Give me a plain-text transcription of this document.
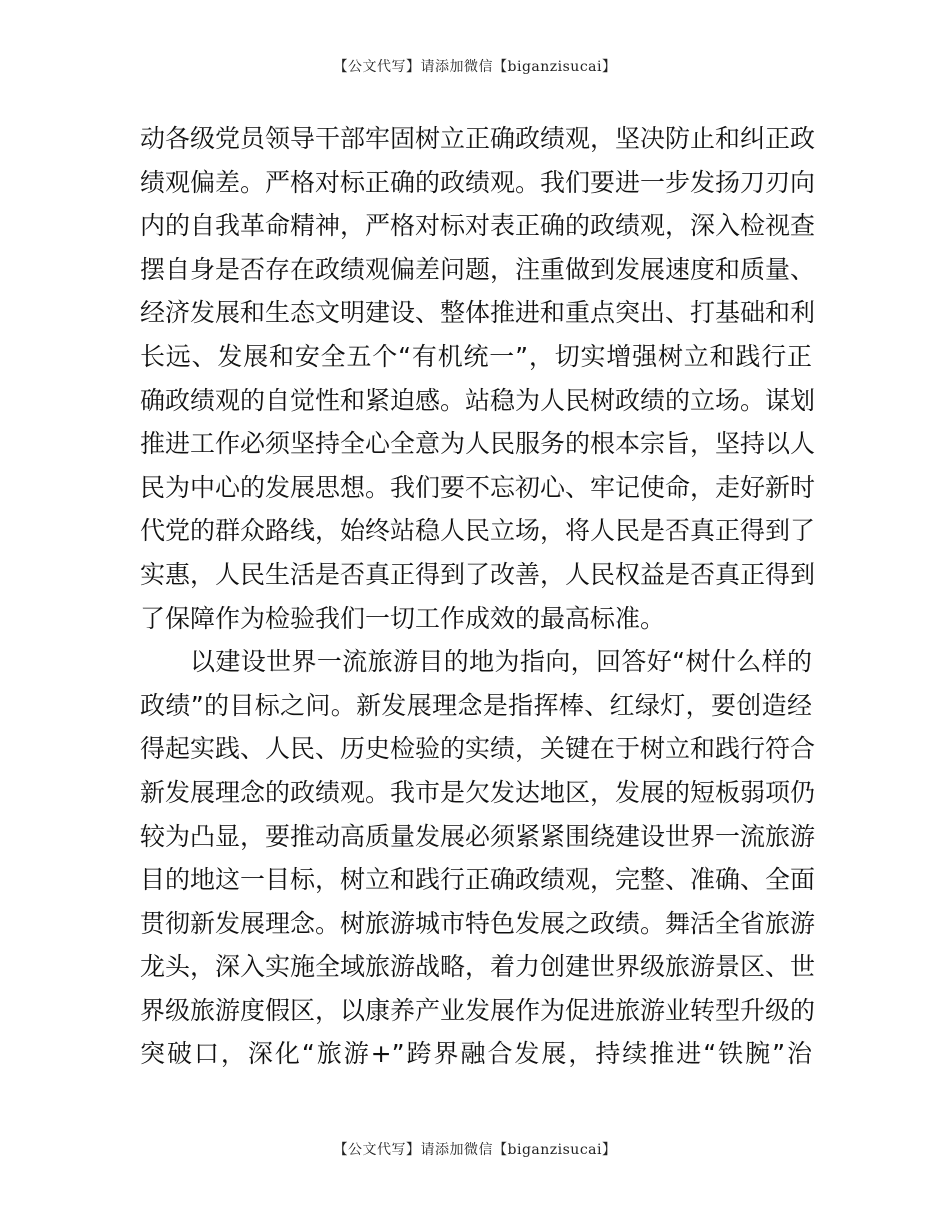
【公文代写】请添加微信【biganzisucai】
动各级党员领导干部牢固树立正确政绩观，坚决防止和纠正政
绩观偏差。严格对标正确的政绩观。我们要进一步发扬刀刃向
内的自我革命精神，严格对标对表正确的政绩观，深入检视查
摆自身是否存在政绩观偏差问题，注重做到发展速度和质量、
经济发展和生态文明建设、整体推进和重点突出、打基础和利
长远、发展和安全五个“有机统一”，切实增强树立和践行正
确政绩观的自觉性和紧迫感。站稳为人民树政绩的立场。谋划
推进工作必须坚持全心全意为人民服务的根本宗旨，坚持以人
民为中心的发展思想。我们要不忘初心、牢记使命，走好新时
代党的群众路线，始终站稳人民立场，将人民是否真正得到了
实惠，人民生活是否真正得到了改善，人民权益是否真正得到
了保障作为检验我们一切工作成效的最高标准。
以建设世界一流旅游目的地为指向，回答好“树什么样的
政绩”的目标之问。新发展理念是指挥棒、红绿灯，要创造经
得起实践、人民、历史检验的实绩，关键在于树立和践行符合
新发展理念的政绩观。我市是欠发达地区，发展的短板弱项仍
较为凸显，要推动高质量发展必须紧紧围绕建设世界一流旅游
目的地这一目标，树立和践行正确政绩观，完整、准确、全面
贯彻新发展理念。树旅游城市特色发展之政绩。舞活全省旅游
龙头，深入实施全域旅游战略，着力创建世界级旅游景区、世
界级旅游度假区，以康养产业发展作为促进旅游业转型升级的
突破口，深化“旅游+”跨界融合发展，持续推进“铁腕”治
【公文代写】请添加微信【biganzisucai】
